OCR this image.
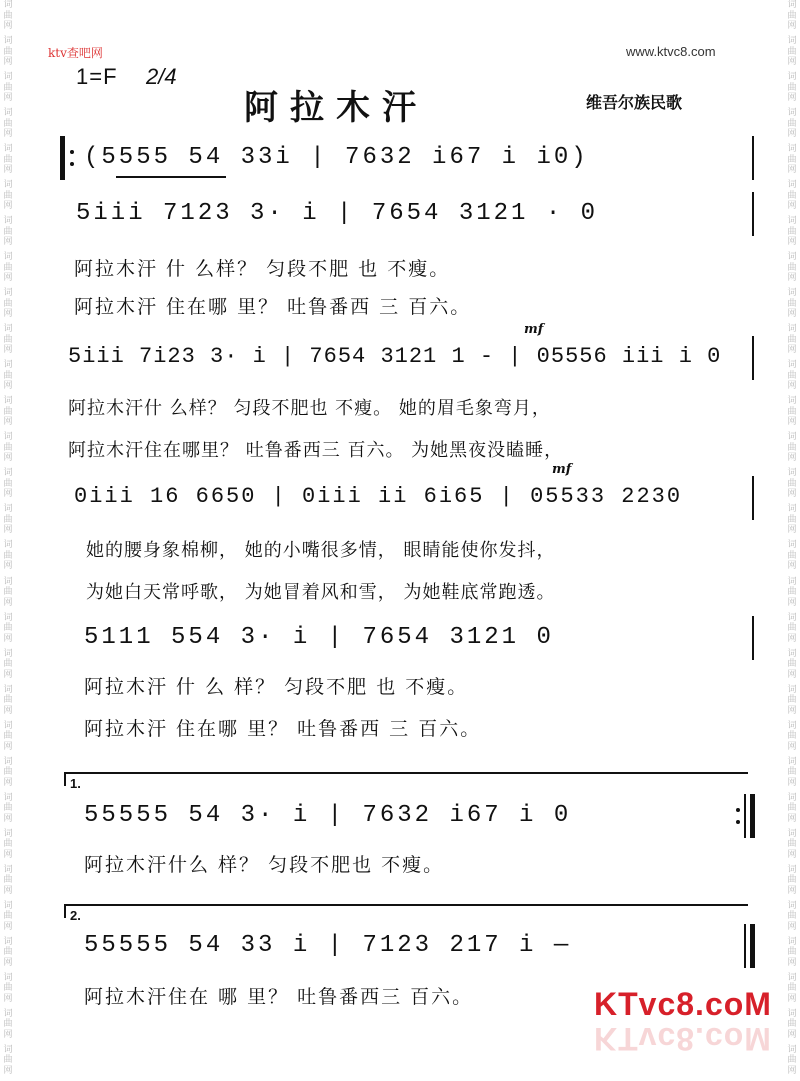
词
曲
网
词
曲
网
词
曲
网
词
曲
网
词
曲
网
词
曲
网
词
曲
网
词
曲
网
词
曲
网
词
曲
网
词
曲
网
词
曲
网
词
曲
网
词
曲
网
词
曲
网
词
曲
网
词
曲
网
词
曲
网
词
曲
网
词
曲
网
词
曲
网
词
曲
网
词
曲
网
词
曲
网
词
曲
网
词
曲
网
词
曲
网
词
曲
网
词
曲
网
词
曲
网
词
曲
网
词
曲
网
词
曲
网
词
曲
网
词
曲
网
词
曲
网
词
曲
网
词
曲
网
词
曲
网
词
曲
网
词
曲
网
词
曲
网
词
曲
网
词
曲
网
词
曲
网
词
曲
网
词
曲
网
词
曲
网
词
曲
网
词
曲
网
词
曲
网
词
曲
网
词
曲
网
词
曲
网
词
曲
网
词
曲
网
词
曲
网
词
曲
网
词
曲
网
词
曲
网
ktv查吧网	www.ktvc8.com
1=F 2/4
阿拉木汗	维吾尔族民歌
(5555 54 33i | 7632 i67 i i0)
5iii 7123 3· i | 7654 3121 · 0
阿拉木汗 什 么样？ 匀段不肥 也 不瘦。
阿拉木汗 住在哪 里？ 吐鲁番西 三 百六。
mf
5iii 7i23 3· i | 7654 3121 1 - | 05556 iii i 0
阿拉木汗什 么样？ 匀段不肥也 不瘦。 她的眉毛象弯月，
阿拉木汗住在哪里？ 吐鲁番西三 百六。 为她黑夜没瞌睡，
mf
0iii 16 6650 | 0iii ii 6i65 | 05533 2230
她的腰身象棉柳， 她的小嘴很多情， 眼睛能使你发抖，
为她白天常呼歌， 为她冒着风和雪， 为她鞋底常跑透。
5111 554 3· i | 7654 3121 0
阿拉木汗 什 么 样？ 匀段不肥 也 不瘦。
阿拉木汗 住在哪 里？ 吐鲁番西 三 百六。
1.
55555 54 3· i | 7632 i67 i 0
阿拉木汗什么 样？ 匀段不肥也 不瘦。
2.
55555 54 33 i | 7123 217 i —
阿拉木汗住在 哪 里？ 吐鲁番西三 百六。	KTvc8.coM
KTvc8.coM
